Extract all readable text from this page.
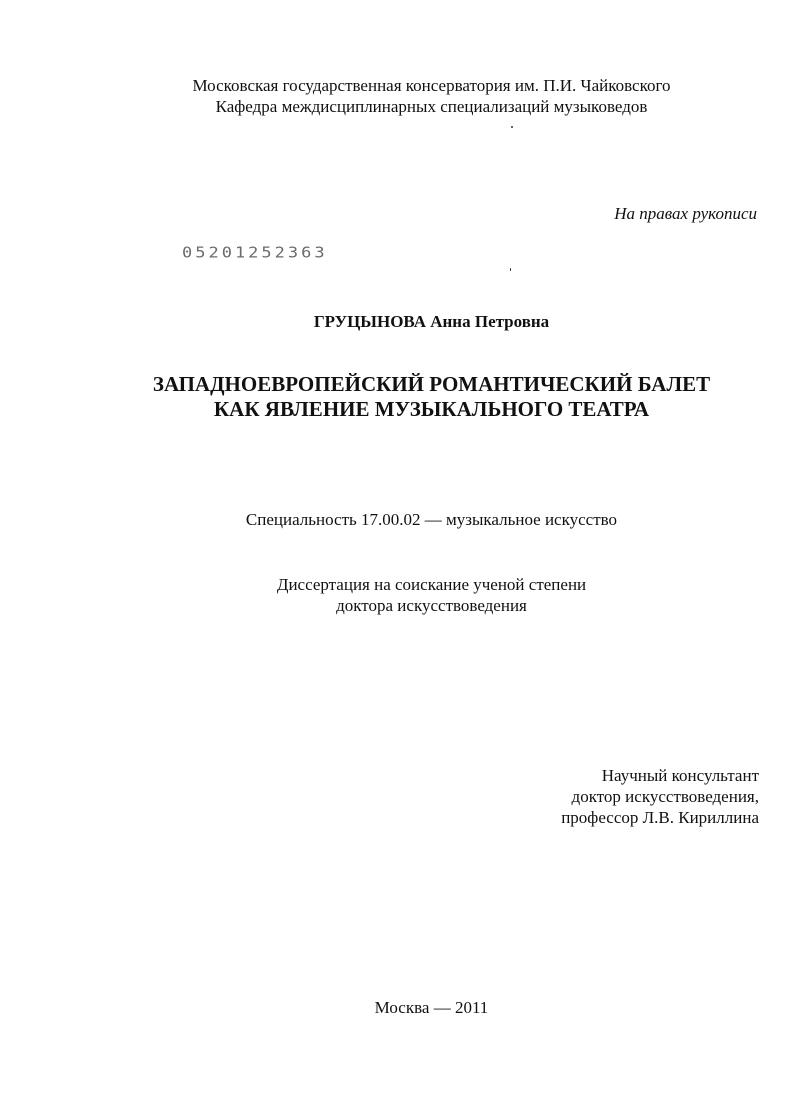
Московская государственная консерватория им. П.И. Чайковского
Кафедра междисциплинарных специализаций музыковедов
На правах рукописи
05201252363
ГРУЦЫНОВА Анна Петровна
ЗАПАДНОЕВРОПЕЙСКИЙ РОМАНТИЧЕСКИЙ БАЛЕТ
КАК ЯВЛЕНИЕ МУЗЫКАЛЬНОГО ТЕАТРА
Специальность 17.00.02 — музыкальное искусство
Диссертация на соискание ученой степени
доктора искусствоведения
Научный консультант
доктор искусствоведения,
профессор Л.В. Кириллина
Москва — 2011
